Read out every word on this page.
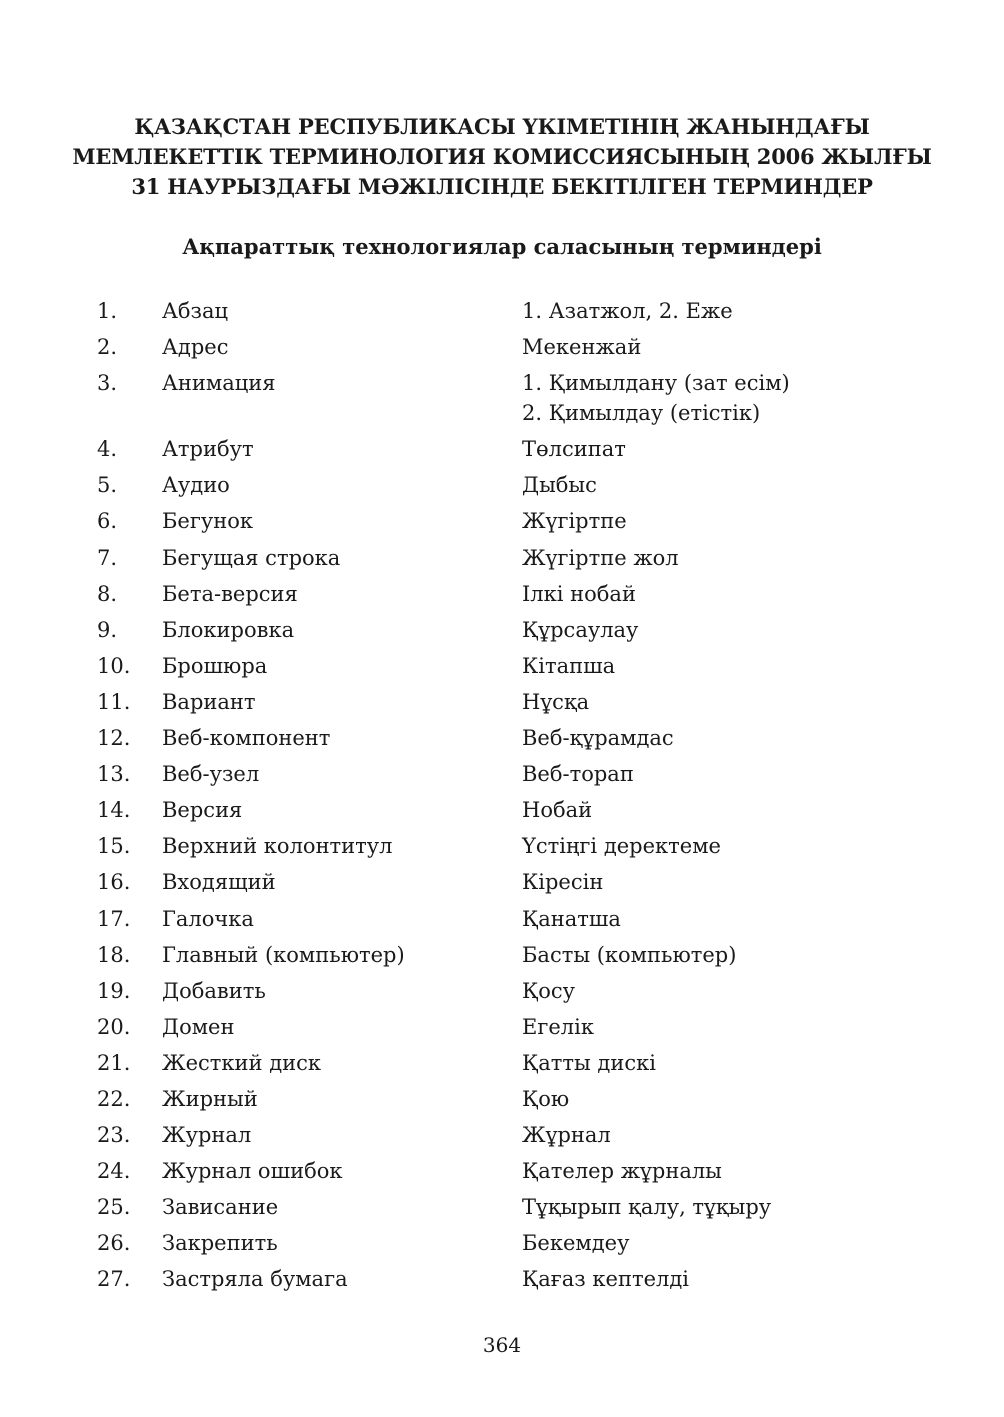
ҚАЗАҚСТАН РЕСПУБЛИКАСЫ ҮКІМЕТІНІҢ ЖАНЫНДАҒЫ
МЕМЛЕКЕТТІК ТЕРМИНОЛОГИЯ КОМИССИЯСЫНЫҢ 2006 ЖЫЛҒЫ
31 НАУРЫЗДАҒЫ МӘЖІЛІСІНДЕ БЕКІТІЛГЕН ТЕРМИНДЕР
Ақпараттық технологиялар саласының терминдері
1. Абзац	1. Азатжол, 2. Еже
2. Адрес	Мекенжай
3. Анимация	1. Қимылдану (зат есім)
2. Қимылдау (етістік)
4. Атрибут	Төлсипат
5. Аудио	Дыбыс
6. Бегунок	Жүгіртпе
7. Бегущая строка	Жүгіртпе жол
8. Бета-версия	Ілкі нобай
9. Блокировка	Құрсаулау
10. Брошюра	Кітапша
11. Вариант	Нұсқа
12. Веб-компонент	Веб-құрамдас
13. Веб-узел	Веб-торап
14. Версия	Нобай
15. Верхний колонтитул	Үстіңгі деректеме
16. Входящий	Кіресін
17. Галочка	Қанатша
18. Главный (компьютер)	Басты (компьютер)
19. Добавить	Қосу
20. Домен	Егелік
21. Жесткий диск	Қатты дискі
22. Жирный	Қою
23. Журнал	Жұрнал
24. Журнал ошибок	Қателер жұрналы
25. Зависание	Тұқырып қалу, тұқыру
26. Закрепить	Бекемдеу
27. Застряла бумага	Қағаз кептелді
364
